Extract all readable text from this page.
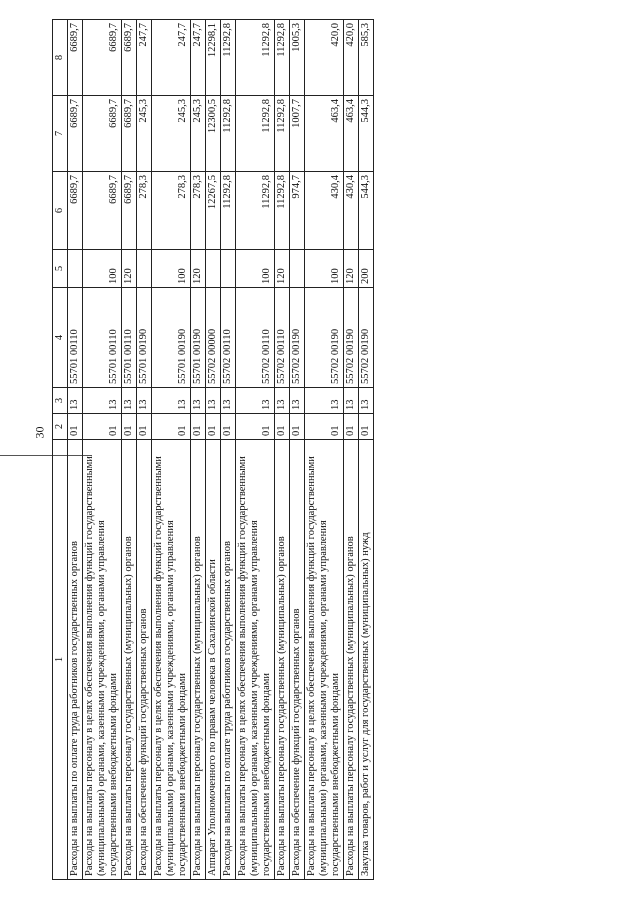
30
1	2	3	4	5	6	7	8
Расходы на выплаты по оплате труда работников государственных органов	01	13	55701 00110		6689,7	6689,7	6689,7
Расходы на выплаты персоналу в целях обеспечения выполнения функций государственными (муниципальными) органами, казенными учреждениями, органами управления государственными внебюджетными фондами	01	13	55701 00110	100	6689,7	6689,7	6689,7
Расходы на выплаты персоналу государственных (муниципальных) органов	01	13	55701 00110	120	6689,7	6689,7	6689,7
Расходы на обеспечение функций государственных органов	01	13	55701 00190		278,3	245,3	247,7
Расходы на выплаты персоналу в целях обеспечения выполнения функций государственными (муниципальными) органами, казенными учреждениями, органами управления государственными внебюджетными фондами	01	13	55701 00190	100	278,3	245,3	247,7
Расходы на выплаты персоналу государственных (муниципальных) органов	01	13	55701 00190	120	278,3	245,3	247,7
Аппарат Уполномоченного по правам человека в Сахалинской области	01	13	55702 00000		12267,5	12300,5	12298,1
Расходы на выплаты по оплате труда работников государственных органов	01	13	55702 00110		11292,8	11292,8	11292,8
Расходы на выплаты персоналу в целях обеспечения выполнения функций государственными (муниципальными) органами, казенными учреждениями, органами управления государственными внебюджетными фондами	01	13	55702 00110	100	11292,8	11292,8	11292,8
Расходы на выплаты персоналу государственных (муниципальных) органов	01	13	55702 00110	120	11292,8	11292,8	11292,8
Расходы на обеспечение функций государственных органов	01	13	55702 00190		974,7	1007,7	1005,3
Расходы на выплаты персоналу в целях обеспечения выполнения функций государственными (муниципальными) органами, казенными учреждениями, органами управления государственными внебюджетными фондами	01	13	55702 00190	100	430,4	463,4	420,0
Расходы на выплаты персоналу государственных (муниципальных) органов	01	13	55702 00190	120	430,4	463,4	420,0
Закупка товаров, работ и услуг для государственных (муниципальных) нужд	01	13	55702 00190	200	544,3	544,3	585,3
